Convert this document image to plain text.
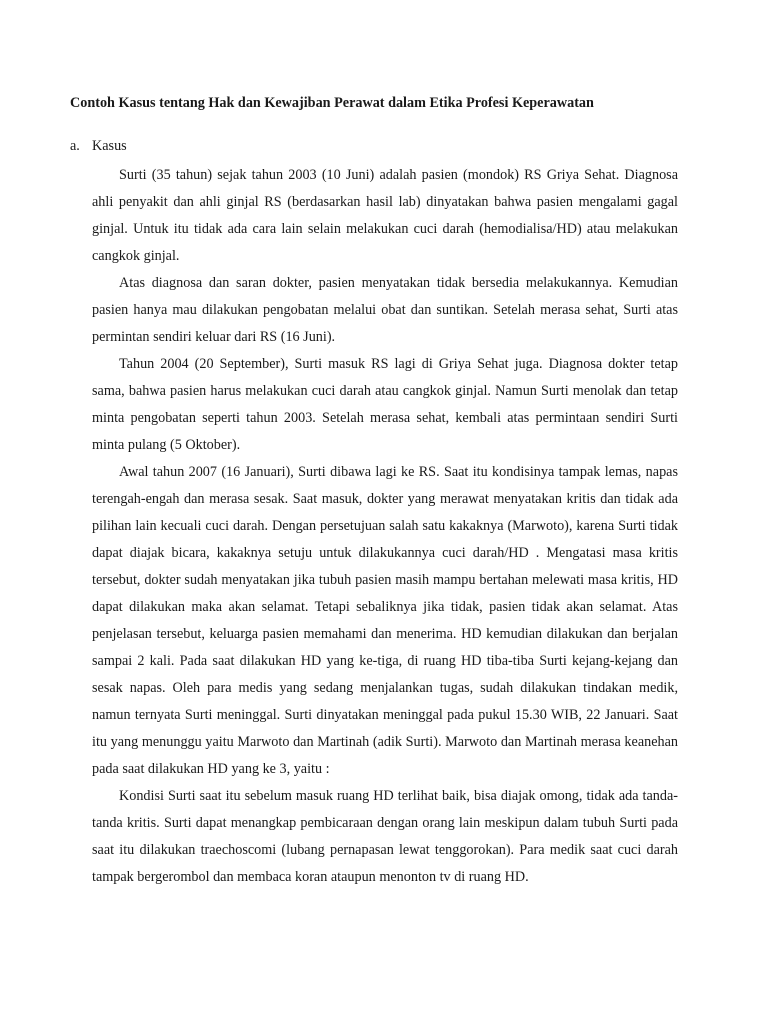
Contoh Kasus tentang Hak dan Kewajiban Perawat dalam Etika Profesi Keperawatan
a. Kasus

Surti (35 tahun) sejak tahun 2003 (10 Juni) adalah pasien (mondok) RS Griya Sehat. Diagnosa ahli penyakit dan ahli ginjal RS (berdasarkan hasil lab) dinyatakan bahwa pasien mengalami gagal ginjal. Untuk itu tidak ada cara lain selain melakukan cuci darah (hemodialisa/HD) atau melakukan cangkok ginjal.

Atas diagnosa dan saran dokter, pasien menyatakan tidak bersedia melakukannya. Kemudian pasien hanya mau dilakukan pengobatan melalui obat dan suntikan. Setelah merasa sehat, Surti atas permintan sendiri keluar dari RS (16 Juni).

Tahun 2004 (20 September), Surti masuk RS lagi di Griya Sehat juga. Diagnosa dokter tetap sama, bahwa pasien harus melakukan cuci darah atau cangkok ginjal. Namun Surti menolak dan tetap minta pengobatan seperti tahun 2003. Setelah merasa sehat, kembali atas permintaan sendiri Surti minta pulang (5 Oktober).

Awal tahun 2007 (16 Januari), Surti dibawa lagi ke RS. Saat itu kondisinya tampak lemas, napas terengah-engah dan merasa sesak. Saat masuk, dokter yang merawat menyatakan kritis dan tidak ada pilihan lain kecuali cuci darah. Dengan persetujuan salah satu kakaknya (Marwoto), karena Surti tidak dapat diajak bicara, kakaknya setuju untuk dilakukannya cuci darah/HD . Mengatasi masa kritis tersebut, dokter sudah menyatakan jika tubuh pasien masih mampu bertahan melewati masa kritis, HD dapat dilakukan maka akan selamat. Tetapi sebaliknya jika tidak, pasien tidak akan selamat. Atas penjelasan tersebut, keluarga pasien memahami dan menerima. HD kemudian dilakukan dan berjalan sampai 2 kali. Pada saat dilakukan HD yang ke-tiga, di ruang HD tiba-tiba Surti kejang-kejang dan sesak napas. Oleh para medis yang sedang menjalankan tugas, sudah dilakukan tindakan medik, namun ternyata Surti meninggal. Surti dinyatakan meninggal pada pukul 15.30 WIB, 22 Januari. Saat itu yang menunggu yaitu Marwoto dan Martinah (adik Surti). Marwoto dan Martinah merasa keanehan pada saat dilakukan HD yang ke 3, yaitu :

Kondisi Surti saat itu sebelum masuk ruang HD terlihat baik, bisa diajak omong, tidak ada tanda-tanda kritis. Surti dapat menangkap pembicaraan dengan orang lain meskipun dalam tubuh Surti pada saat itu dilakukan traechoscomi (lubang pernapasan lewat tenggorokan). Para medik saat cuci darah tampak bergerombol dan membaca koran ataupun menonton tv di ruang HD.
